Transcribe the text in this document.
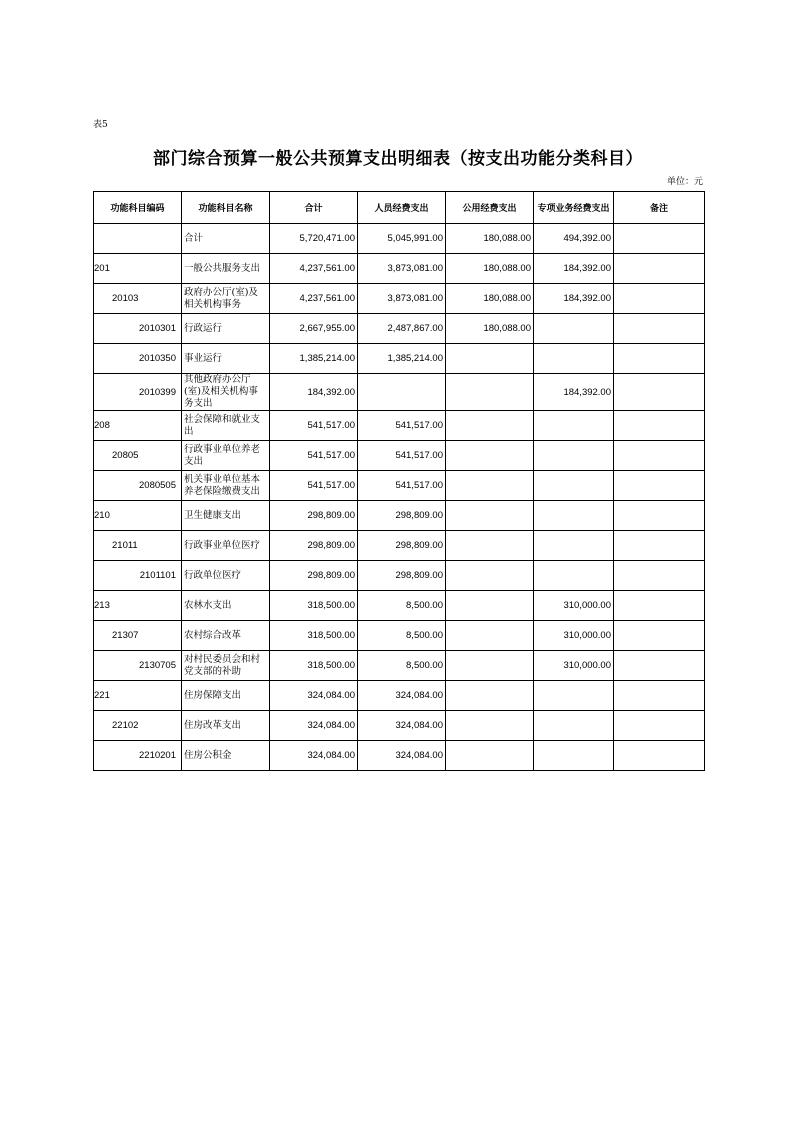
表5
部门综合预算一般公共预算支出明细表（按支出功能分类科目）
单位：元
功能科目编码	功能科目名称	合计	人员经费支出	公用经费支出	专项业务经费支出	备注
	合计	5,720,471.00	5,045,991.00	180,088.00	494,392.00	
201	一般公共服务支出	4,237,561.00	3,873,081.00	180,088.00	184,392.00	
20103	政府办公厅(室)及相关机构事务	4,237,561.00	3,873,081.00	180,088.00	184,392.00	
2010301	行政运行	2,667,955.00	2,487,867.00	180,088.00		
2010350	事业运行	1,385,214.00	1,385,214.00			
2010399	其他政府办公厅(室)及相关机构事务支出	184,392.00			184,392.00	
208	社会保障和就业支出	541,517.00	541,517.00			
20805	行政事业单位养老支出	541,517.00	541,517.00			
2080505	机关事业单位基本养老保险缴费支出	541,517.00	541,517.00			
210	卫生健康支出	298,809.00	298,809.00			
21011	行政事业单位医疗	298,809.00	298,809.00			
2101101	行政单位医疗	298,809.00	298,809.00			
213	农林水支出	318,500.00	8,500.00		310,000.00	
21307	农村综合改革	318,500.00	8,500.00		310,000.00	
2130705	对村民委员会和村党支部的补助	318,500.00	8,500.00		310,000.00	
221	住房保障支出	324,084.00	324,084.00			
22102	住房改革支出	324,084.00	324,084.00			
2210201	住房公积金	324,084.00	324,084.00			
